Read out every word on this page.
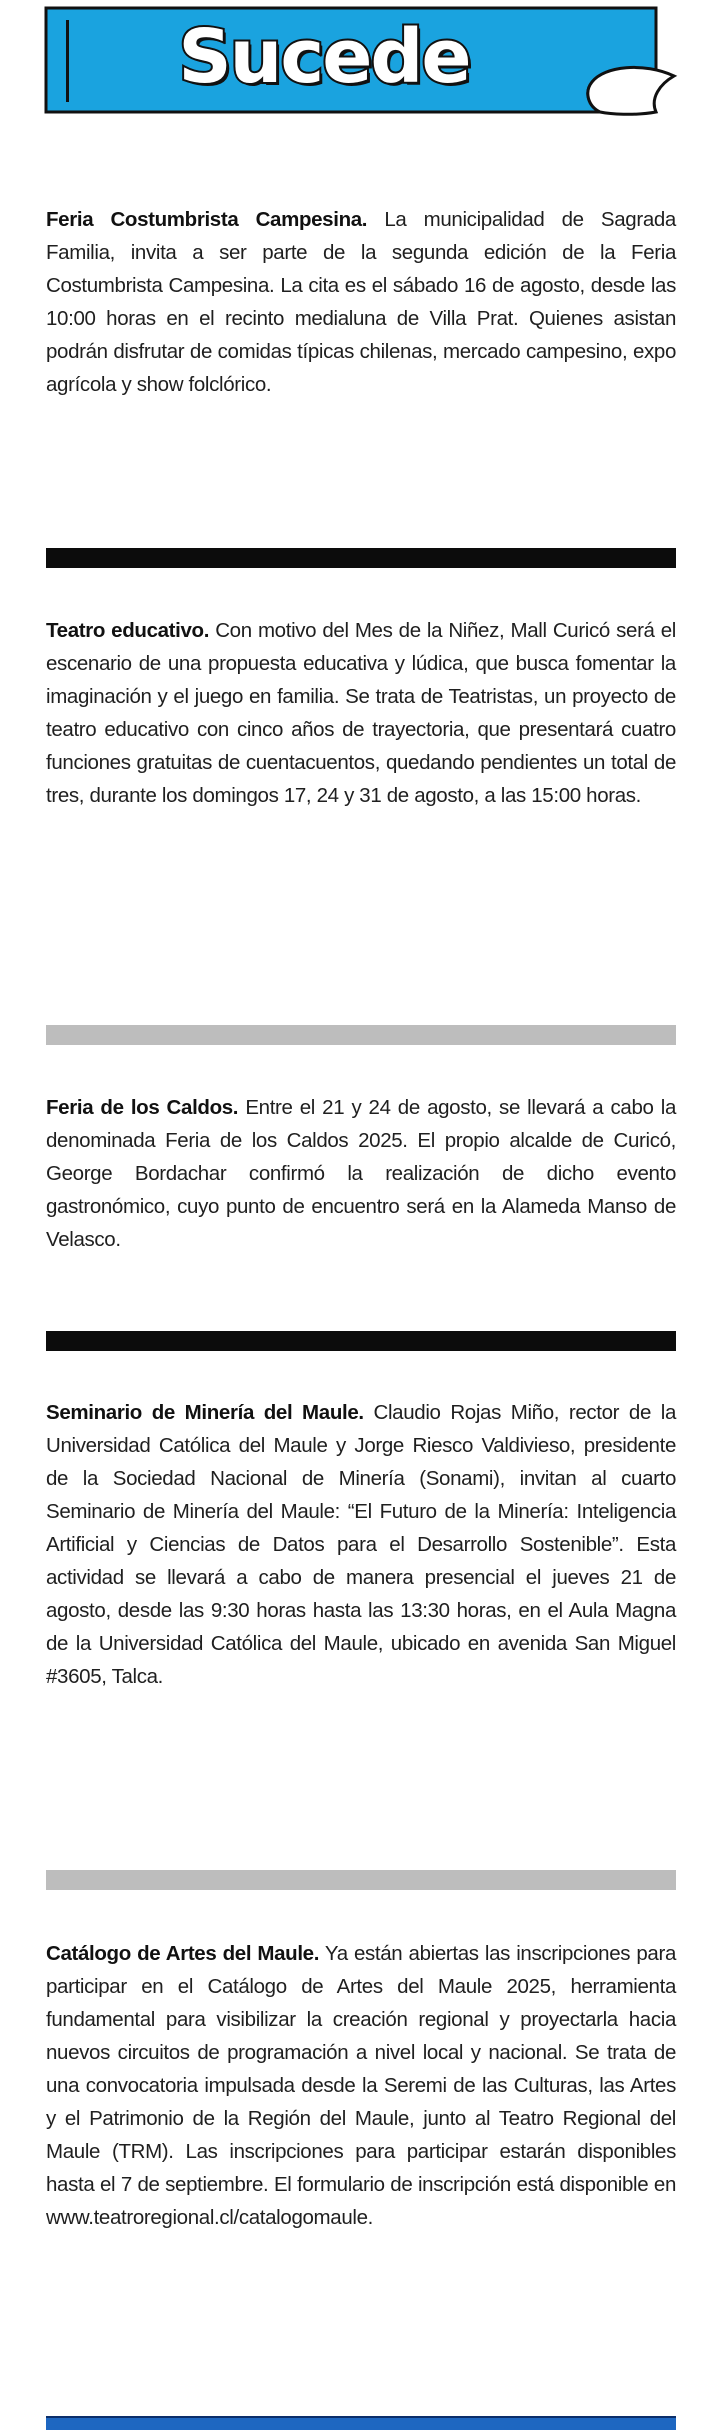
Sucede
Feria Costumbrista Campesina. La municipalidad de Sagrada Familia, invita a ser parte de la segunda edición de la Feria Costumbrista Campesina. La cita es el sábado 16 de agosto, desde las 10:00 horas en el recinto medialuna de Villa Prat. Quienes asistan podrán disfrutar de comidas típicas chilenas, mercado campesino, expo agrícola y show folclórico.
Teatro educativo. Con motivo del Mes de la Niñez, Mall Curicó será el escenario de una propuesta educativa y lúdica, que busca fomentar la imaginación y el juego en familia. Se trata de Teatristas, un proyecto de teatro educativo con cinco años de trayectoria, que presentará cuatro funciones gratuitas de cuentacuentos, quedando pendientes un total de tres, durante los domingos 17, 24 y 31 de agosto, a las 15:00 horas.
Feria de los Caldos. Entre el 21 y 24 de agosto, se llevará a cabo la denominada Feria de los Caldos 2025. El propio alcalde de Curicó, George Bordachar confirmó la realización de dicho evento gastronómico, cuyo punto de encuentro será en la Alameda Manso de Velasco.
Seminario de Minería del Maule. Claudio Rojas Miño, rector de la Universidad Católica del Maule y Jorge Riesco Valdivieso, presidente de la Sociedad Nacional de Minería (Sonami), invitan al cuarto Seminario de Minería del Maule: “El Futuro de la Minería: Inteligencia Artificial y Ciencias de Datos para el Desarrollo Sostenible”. Esta actividad se llevará a cabo de manera presencial el jueves 21 de agosto, desde las 9:30 horas hasta las 13:30 horas, en el Aula Magna de la Universidad Católica del Maule, ubicado en avenida San Miguel #3605, Talca.
Catálogo de Artes del Maule. Ya están abiertas las inscripciones para participar en el Catálogo de Artes del Maule 2025, herramienta fundamental para visibilizar la creación regional y proyectarla hacia nuevos circuitos de programación a nivel local y nacional. Se trata de una convocatoria impulsada desde la Seremi de las Culturas, las Artes y el Patrimonio de la Región del Maule, junto al Teatro Regional del Maule (TRM). Las inscripciones para participar estarán disponibles hasta el 7 de septiembre. El formulario de inscripción está disponible en www.teatroregional.cl/catalogomaule.
